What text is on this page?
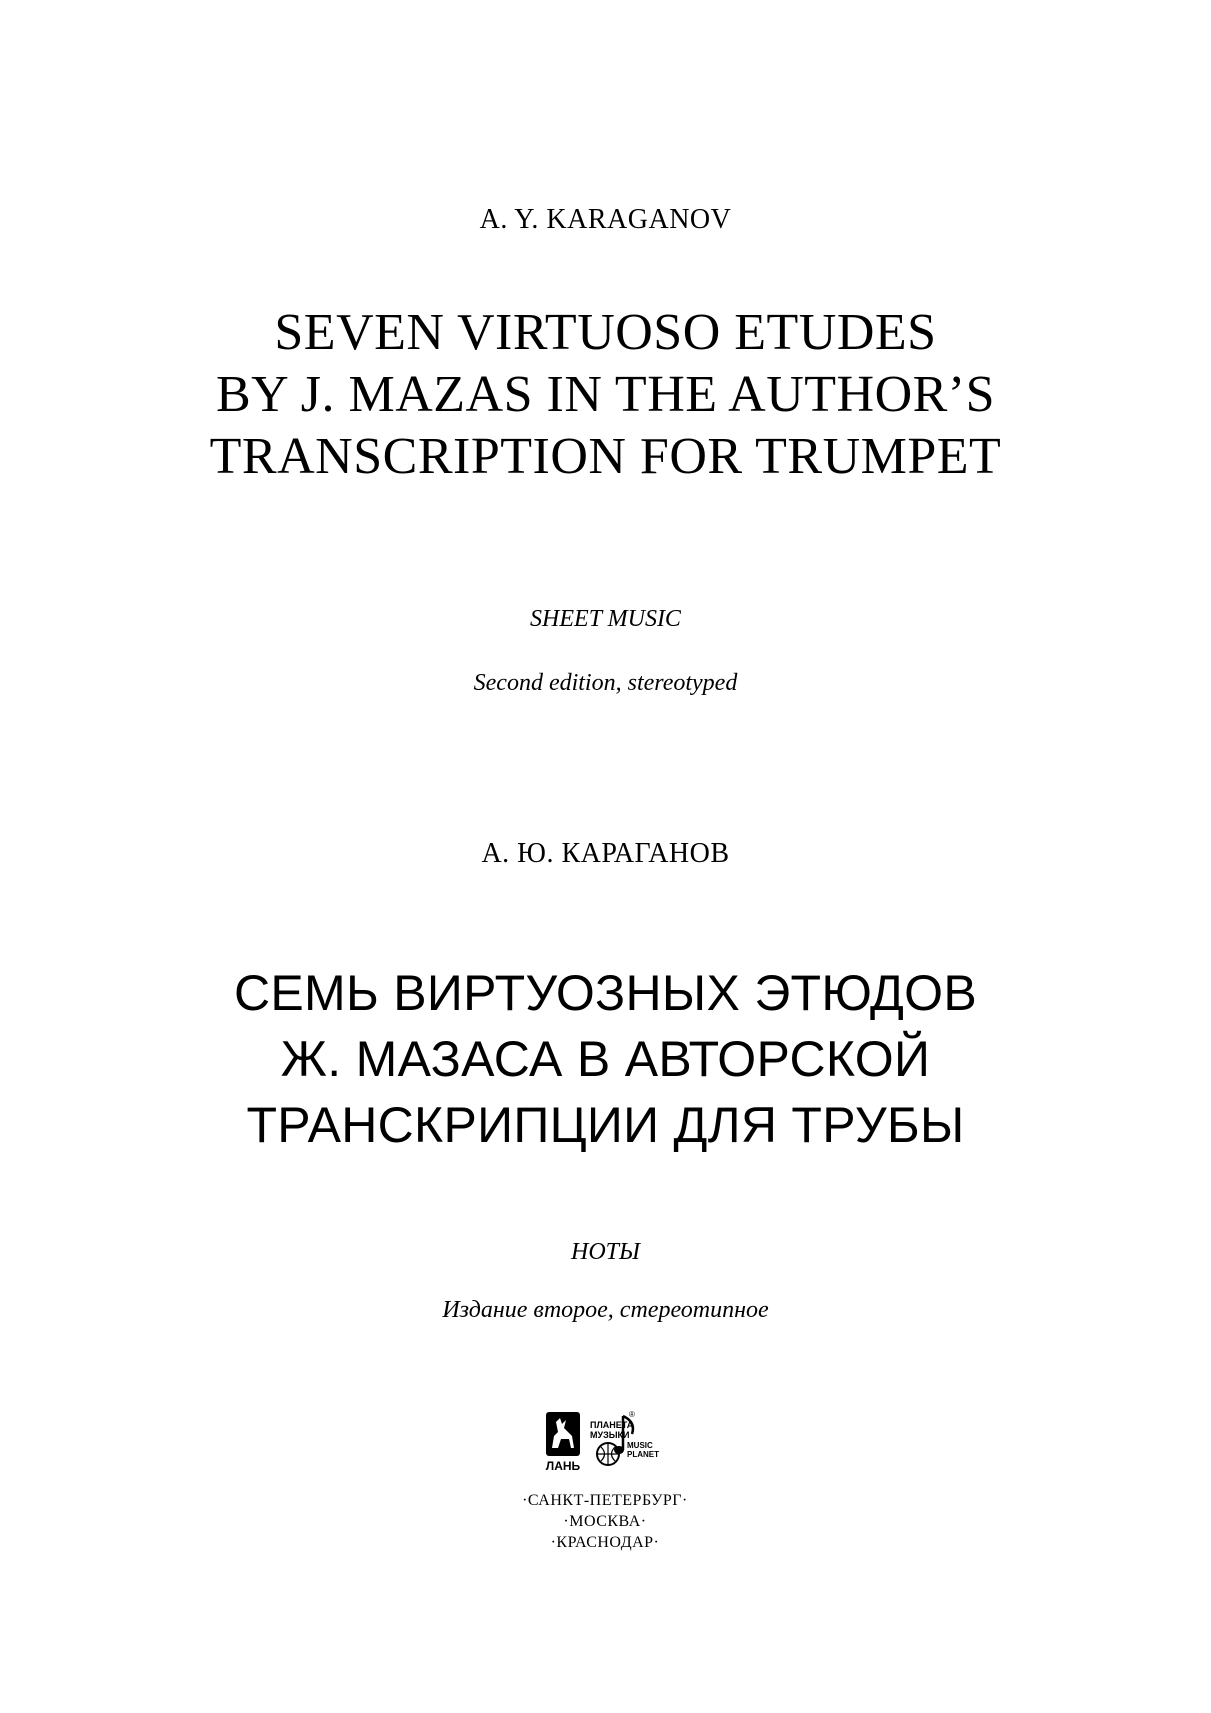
A. Y. KARAGANOV
SEVEN VIRTUOSO ETUDES
BY J. MAZAS IN THE AUTHOR’S
TRANSCRIPTION FOR TRUMPET
SHEET MUSIC
Second edition, stereotyped
А. Ю. КАРАГАНОВ
СЕМЬ ВИРТУОЗНЫХ ЭТЮДОВ
Ж. МАЗАСА В АВТОРСКОЙ
ТРАНСКРИПЦИИ ДЛЯ ТРУБЫ
НОТЫ
Издание второе, стереотипное
ЛАНЬ
ПЛАНЕТА
МУЗЫКИ
®
MUSIC
PLANET
·САНКТ-ПЕТЕРБУРГ·
·МОСКВА·
·КРАСНОДАР·
